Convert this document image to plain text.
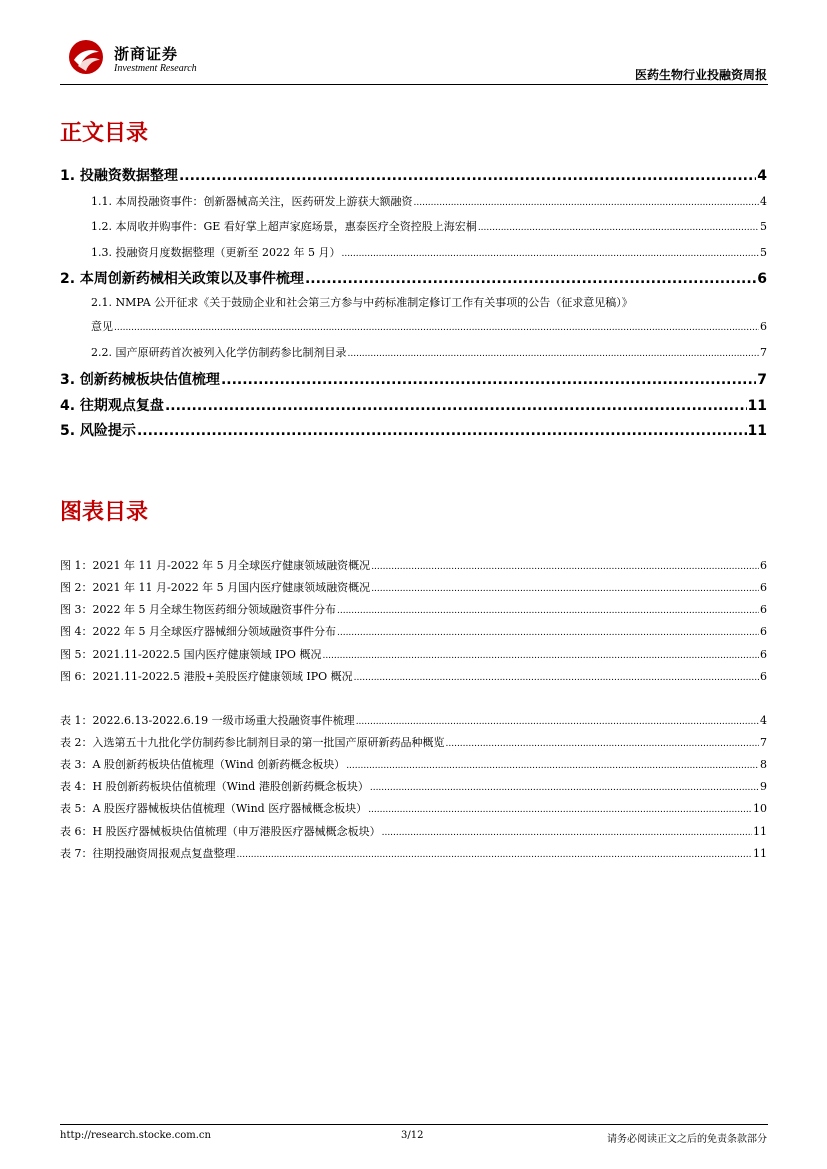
浙商证券
Investment Research	医药生物行业投融资周报
正文目录
1. 投融资数据整理 .....	4
1.1. 本周投融资事件：创新器械高关注，医药研发上游获大额融资 .....	4
1.2. 本周收并购事件：GE 看好掌上超声家庭场景，惠泰医疗全资控股上海宏桐 .....	5
1.3. 投融资月度数据整理（更新至 2022 年 5 月） .....	5
2. 本周创新药械相关政策以及事件梳理 .....	6
2.1. NMPA 公开征求《关于鼓励企业和社会第三方参与中药标准制定修订工作有关事项的公告（征求意见稿）》
意见 .....	6
2.2. 国产原研药首次被列入化学仿制药参比制剂目录 .....	7
3. 创新药械板块估值梳理 .....	7
4. 往期观点复盘 .....	11
5. 风险提示 .....	11
图表目录
图 1：2021 年 11 月-2022 年 5 月全球医疗健康领域融资概况 .....	6
图 2：2021 年 11 月-2022 年 5 月国内医疗健康领域融资概况 .....	6
图 3：2022 年 5 月全球生物医药细分领域融资事件分布 .....	6
图 4：2022 年 5 月全球医疗器械细分领域融资事件分布 .....	6
图 5：2021.11-2022.5 国内医疗健康领域 IPO 概况 .....	6
图 6：2021.11-2022.5 港股+美股医疗健康领域 IPO 概况 .....	6
表 1：2022.6.13-2022.6.19 一级市场重大投融资事件梳理 .....	4
表 2：入选第五十九批化学仿制药参比制剂目录的第一批国产原研新药品种概览 .....	7
表 3：A 股创新药板块估值梳理（Wind 创新药概念板块） .....	8
表 4：H 股创新药板块估值梳理（Wind 港股创新药概念板块） .....	9
表 5：A 股医疗器械板块估值梳理（Wind 医疗器械概念板块） .....	10
表 6：H 股医疗器械板块估值梳理（申万港股医疗器械概念板块） .....	11
表 7：往期投融资周报观点复盘整理 .....	11
http://research.stocke.com.cn	3/12	请务必阅读正文之后的免责条款部分
